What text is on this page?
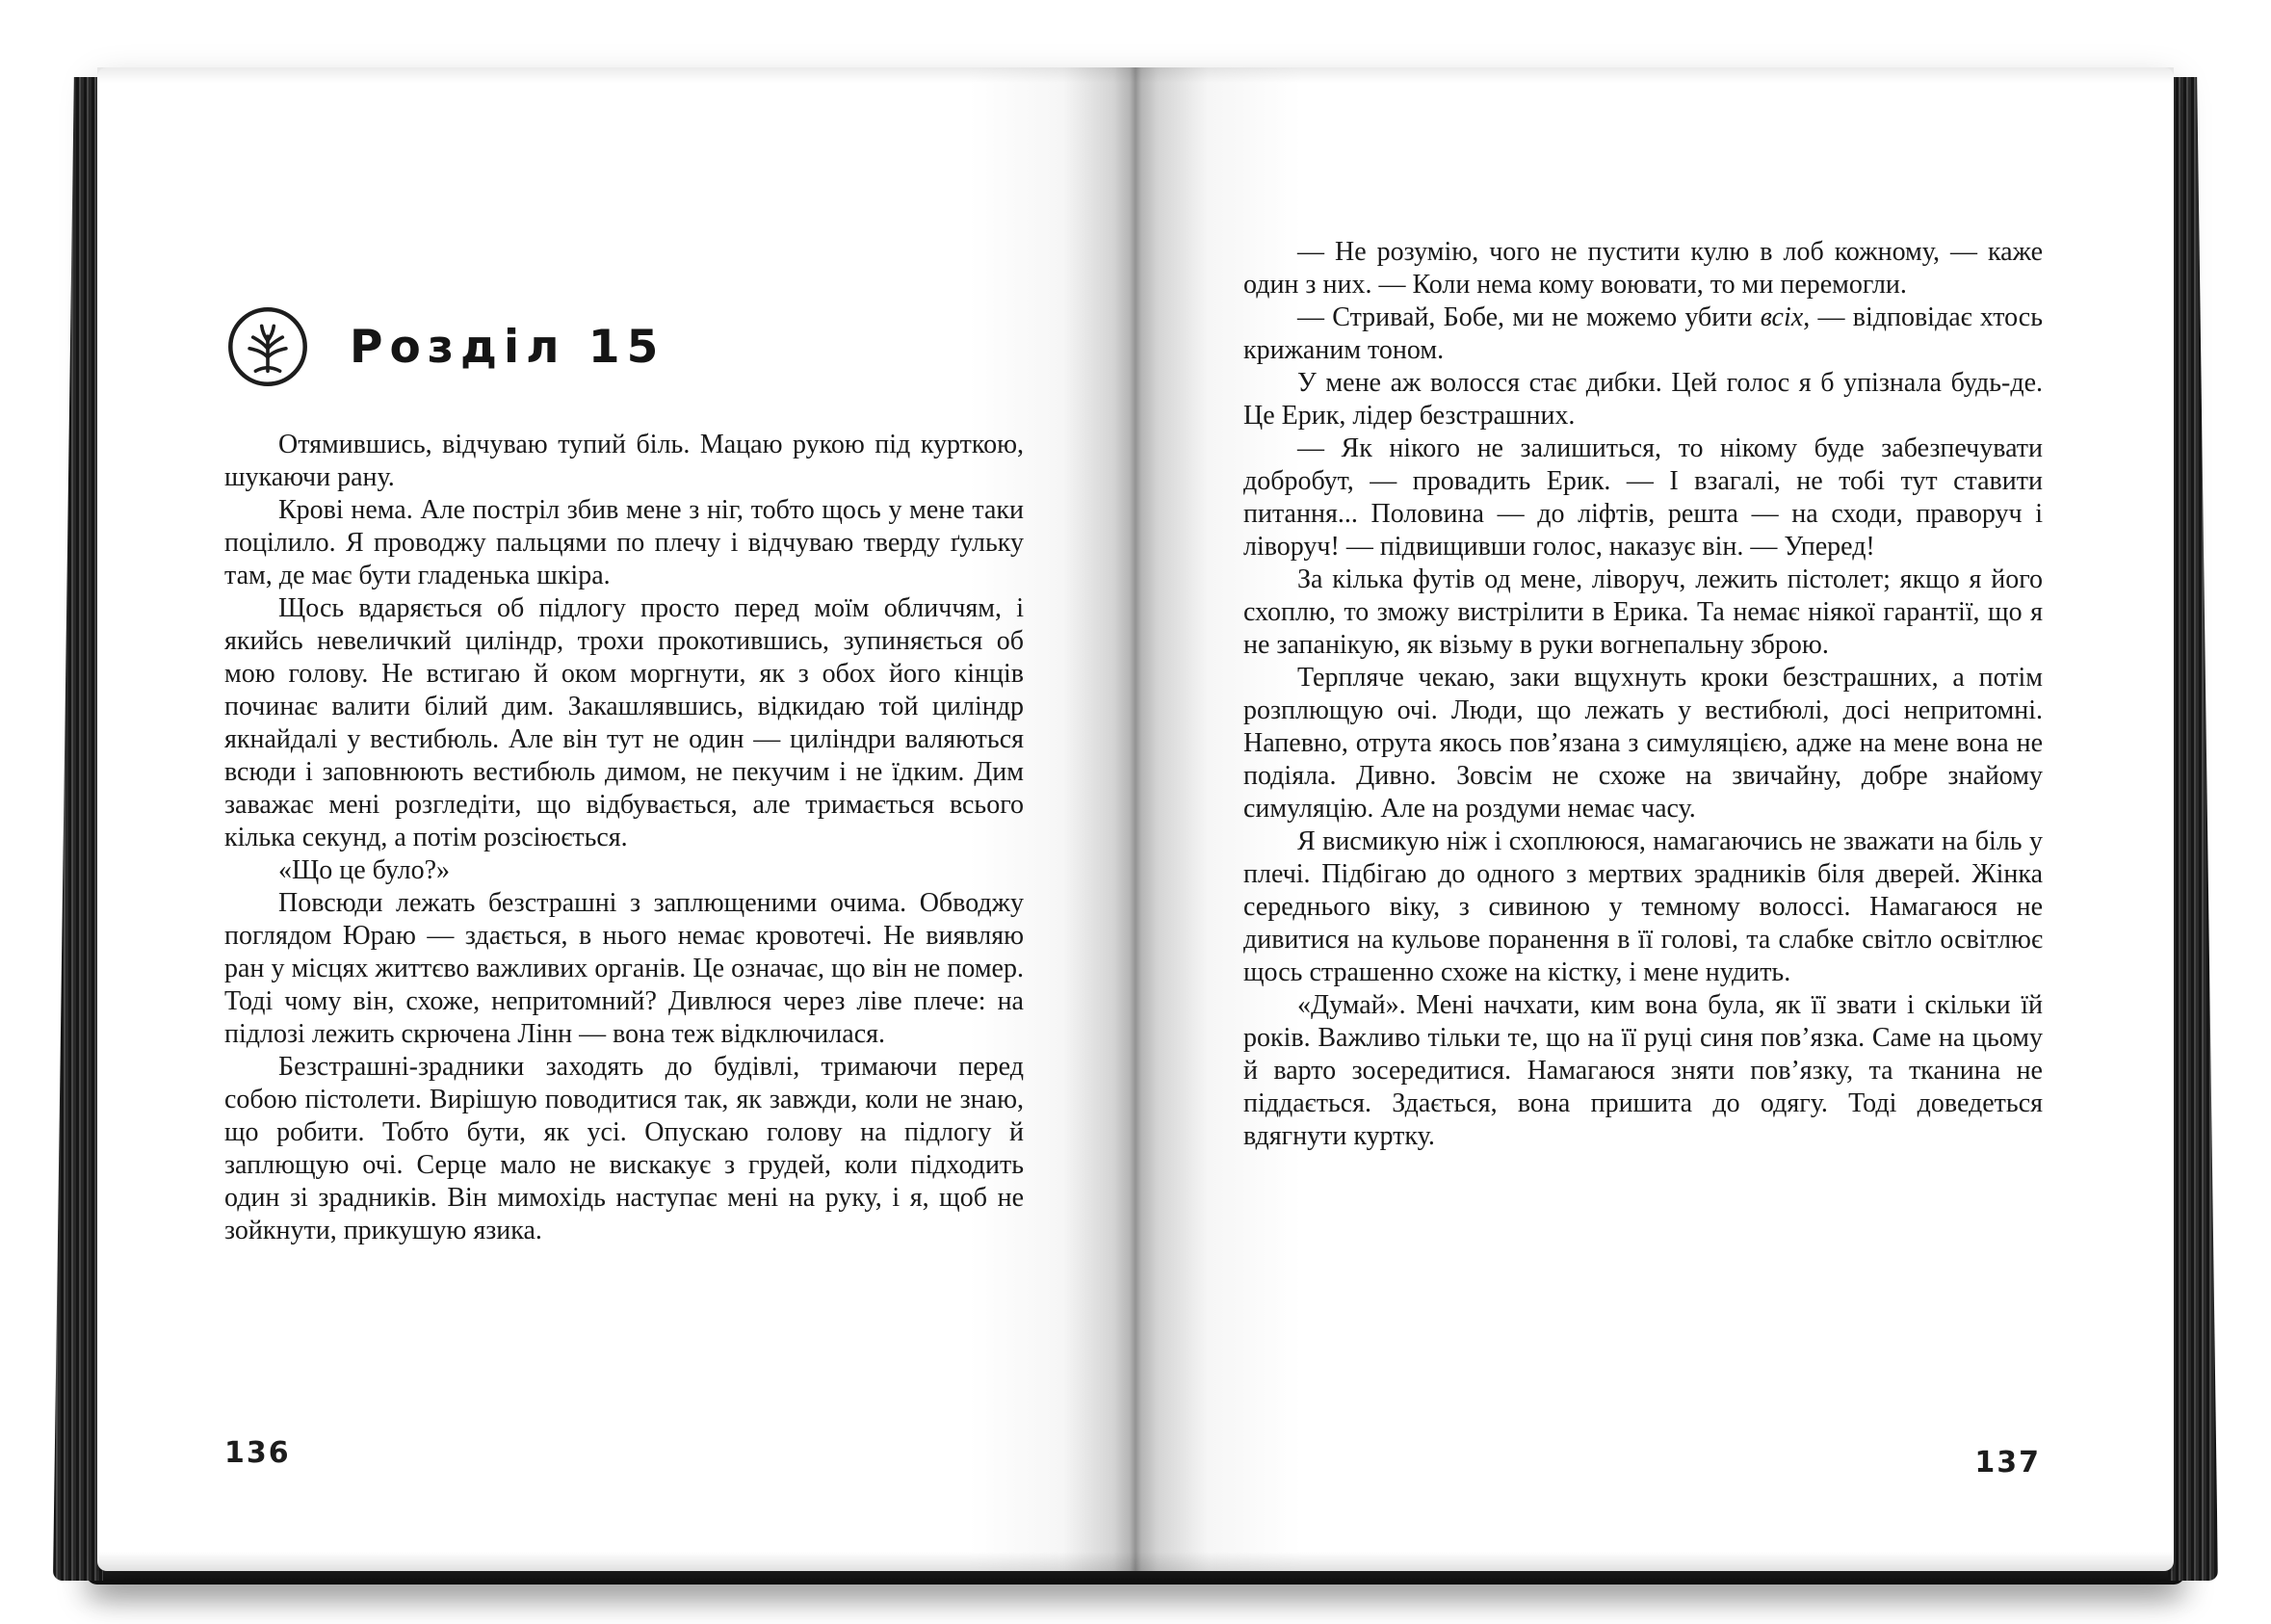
Розділ 15

Отямившись, відчуваю тупий біль. Мацаю рукою під курткою, шукаючи рану.

Крові нема. Але постріл збив мене з ніг, тобто щось у мене таки поцілило. Я проводжу пальцями по плечу і відчуваю тверду ґульку там, де має бути гладенька шкіра.

Щось вдаряється об підлогу просто перед моїм обличчям, і якийсь невеличкий циліндр, трохи прокотившись, зупиняється об мою голову. Не встигаю й оком моргнути, як з обох його кінців починає валити білий дим. Закашлявшись, відкидаю той циліндр якнайдалі у вестибюль. Але він тут не один — циліндри валяються всюди і заповнюють вестибюль димом, не пекучим і не їдким. Дим заважає мені розгледіти, що відбувається, але тримається всього кілька секунд, а потім розсіюється.

«Що це було?»

Повсюди лежать безстрашні з заплющеними очима. Обводжу поглядом Юраю — здається, в нього немає кровотечі. Не виявляю ран у місцях життєво важливих органів. Це означає, що він не помер. Тоді чому він, схоже, непритомний? Дивлюся через ліве плече: на підлозі лежить скрючена Лінн — вона теж відключилася.

Безстрашні-зрадники заходять до будівлі, тримаючи перед собою пістолети. Вирішую поводитися так, як завжди, коли не знаю, що робити. Тобто бути, як усі. Опускаю голову на підлогу й заплющую очі. Серце мало не вискакує з грудей, коли підходить один зі зрадників. Він мимохідь наступає мені на руку, і я, щоб не зойкнути, прикушую язика.

136

— Не розумію, чого не пустити кулю в лоб кожному, — каже один з них. — Коли нема кому воювати, то ми перемогли.

— Стривай, Бобе, ми не можемо убити всіх, — відповідає хтось крижаним тоном.

У мене аж волосся стає дибки. Цей голос я б упізнала будь-де. Це Ерик, лідер безстрашних.

— Як нікого не залишиться, то нікому буде забезпечувати добробут, — провадить Ерик. — І взагалі, не тобі тут ставити питання... Половина — до ліфтів, решта — на сходи, праворуч і ліворуч! — підвищивши голос, наказує він. — Уперед!

За кілька футів од мене, ліворуч, лежить пістолет; якщо я його схоплю, то зможу вистрілити в Ерика. Та немає ніякої гарантії, що я не запанікую, як візьму в руки вогнепальну зброю.

Терпляче чекаю, заки вщухнуть кроки безстрашних, а потім розплющую очі. Люди, що лежать у вестибюлі, досі непритомні. Напевно, отрута якось пов’язана з симуляцією, адже на мене вона не подіяла. Дивно. Зовсім не схоже на звичайну, добре знайому симуляцію. Але на роздуми немає часу.

Я висмикую ніж і схоплююся, намагаючись не зважати на біль у плечі. Підбігаю до одного з мертвих зрадників біля дверей. Жінка середнього віку, з сивиною у темному волоссі. Намагаюся не дивитися на кульове поранення в її голові, та слабке світло освітлює щось страшенно схоже на кістку, і мене нудить.

«Думай». Мені начхати, ким вона була, як її звати і скільки їй років. Важливо тільки те, що на її руці синя пов’язка. Саме на цьому й варто зосередитися. Намагаюся зняти пов’язку, та тканина не піддається. Здається, вона пришита до одягу. Тоді доведеться вдягнути куртку.

137
